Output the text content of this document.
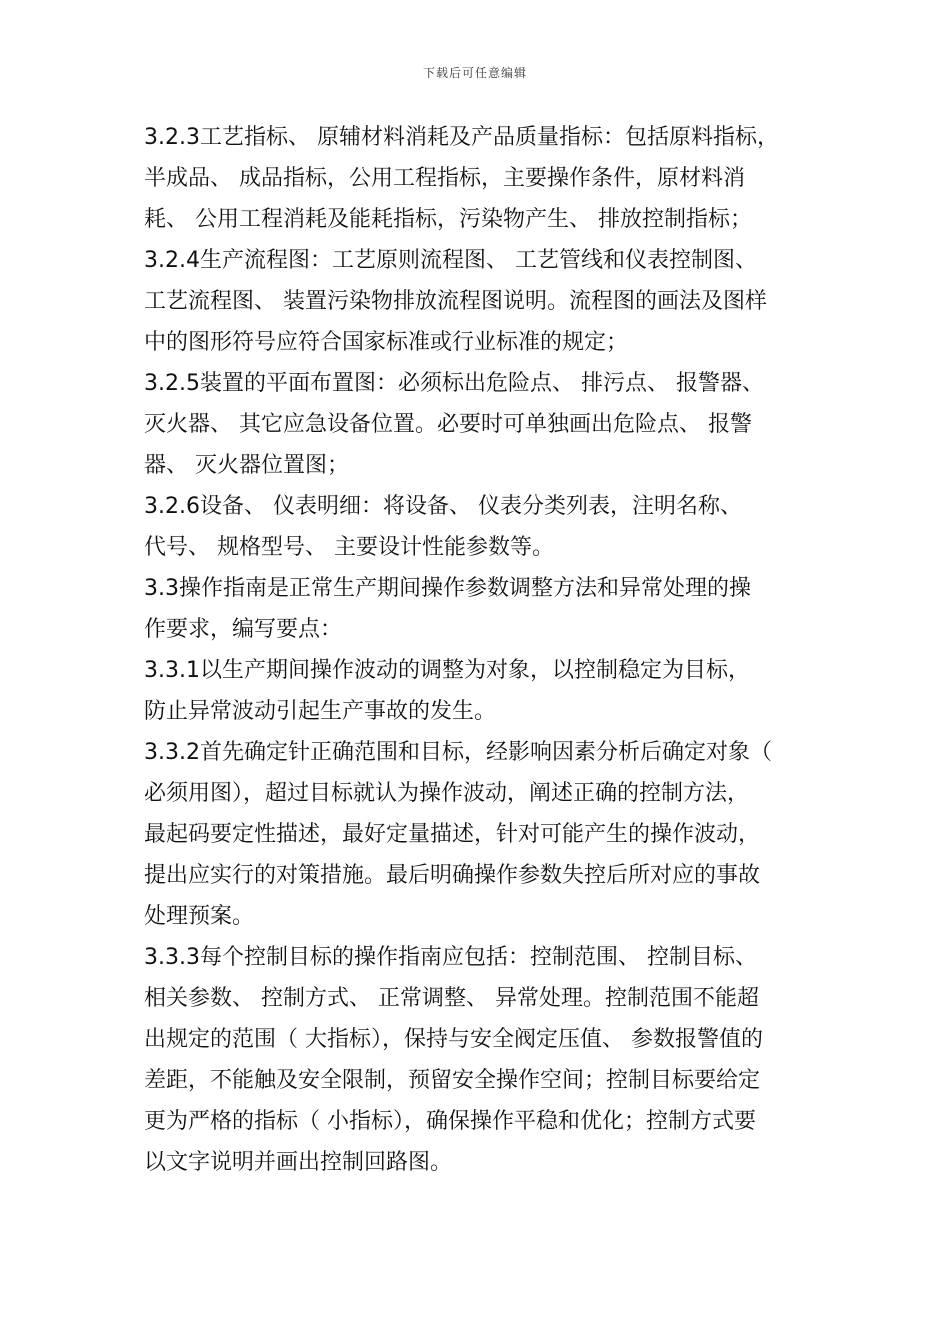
下载后可任意编辑
3.2.3工艺指标、 原辅材料消耗及产品质量指标：包括原料指标，
半成品、 成品指标，公用工程指标，主要操作条件，原材料消
耗、 公用工程消耗及能耗指标，污染物产生、 排放控制指标；
3.2.4生产流程图：工艺原则流程图、 工艺管线和仪表控制图、
工艺流程图、 装置污染物排放流程图说明。流程图的画法及图样
中的图形符号应符合国家标准或行业标准的规定；
3.2.5装置的平面布置图：必须标出危险点、 排污点、 报警器、
灭火器、 其它应急设备位置。必要时可单独画出危险点、 报警
器、 灭火器位置图；
3.2.6设备、 仪表明细：将设备、 仪表分类列表，注明名称、
代号、 规格型号、 主要设计性能参数等。
3.3操作指南是正常生产期间操作参数调整方法和异常处理的操
作要求，编写要点：
3.3.1以生产期间操作波动的调整为对象，以控制稳定为目标，
防止异常波动引起生产事故的发生。
3.3.2首先确定针正确范围和目标，经影响因素分析后确定对象（
必须用图），超过目标就认为操作波动，阐述正确的控制方法，
最起码要定性描述，最好定量描述，针对可能产生的操作波动，
提出应实行的对策措施。最后明确操作参数失控后所对应的事故
处理预案。
3.3.3每个控制目标的操作指南应包括：控制范围、 控制目标、
相关参数、 控制方式、 正常调整、 异常处理。控制范围不能超
出规定的范围（ 大指标），保持与安全阀定压值、 参数报警值的
差距，不能触及安全限制，预留安全操作空间；控制目标要给定
更为严格的指标（ 小指标），确保操作平稳和优化；控制方式要
以文字说明并画出控制回路图。
